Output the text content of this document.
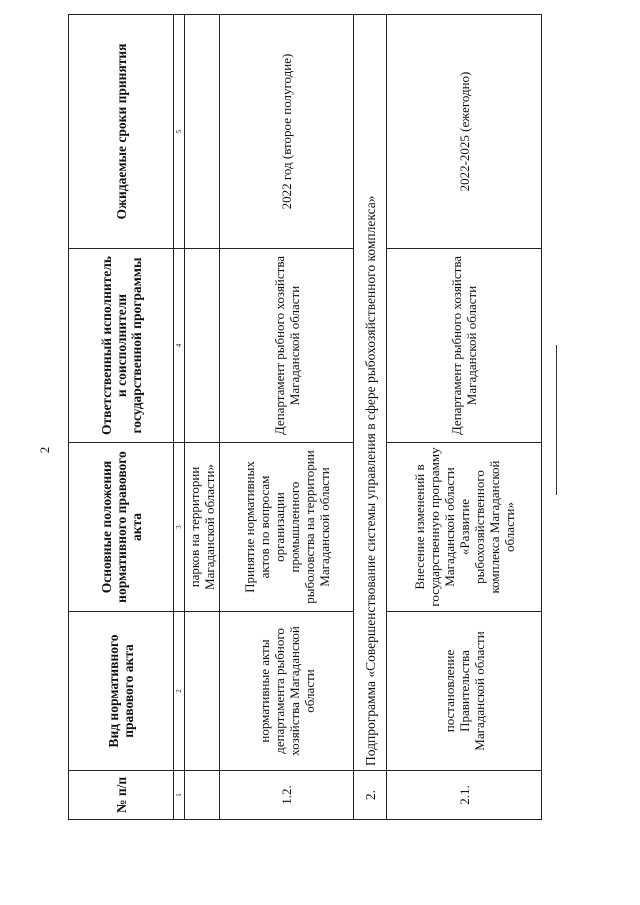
2
№ п/п	Вид нормативного правового акта	Основные положения нормативного правового акта	Ответственный исполнитель и соисполнители государственной программы	Ожидаемые сроки принятия
1	2	3	4	5
		парков на территории Магаданской области»		
1.2.	нормативные акты департамента рыбного хозяйства Магаданской области	Принятие нормативных актов по вопросам организации промышленного рыболовства на территории Магаданской области	Департамент рыбного хозяйства Магаданской области	2022 год (второе полугодие)
2.	Подпрограмма «Совершенствование системы управления в сфере рыбохозяйственного комплекса»			
2.1.	постановление Правительства Магаданской области	Внесение изменений в государственную программу Магаданской области «Развитие рыбохозяйственного комплекса Магаданской области»	Департамент рыбного хозяйства Магаданской области	2022-2025 (ежегодно)
